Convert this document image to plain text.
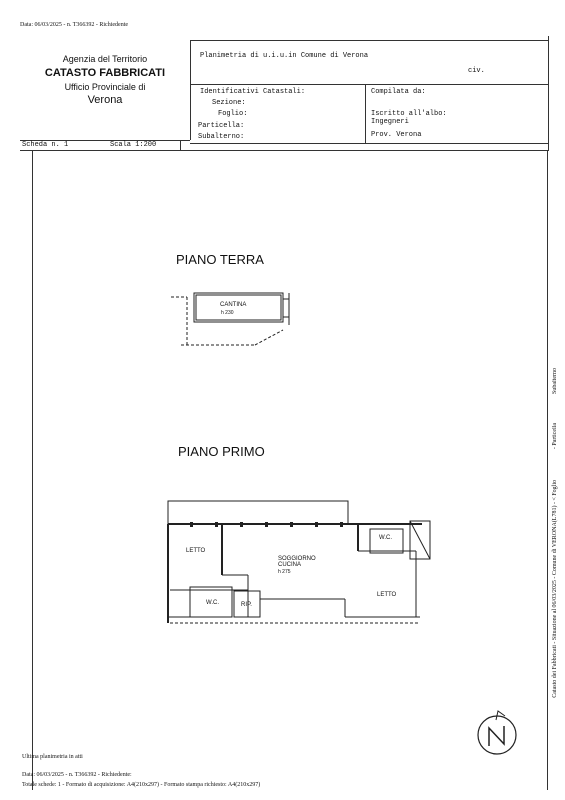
Data: 06/03/2025 - n. T366392 - Richiedente
Agenzia del Territorio
CATASTO FABBRICATI
Ufficio Provinciale di
Verona
Planimetria di u.i.u.in Comune di Verona
civ.
Identificativi Catastali:
Sezione:
Foglio:
Particella:
Subalterno:
Compilata da:
Iscritto all'albo:
Ingegneri
Prov. Verona
Scheda n. 1	Scala 1:200
PIANO TERRA
CANTINA
h 230
PIANO PRIMO
LETTO
SOGGIORNO
CUCINA
h 275
W.C.
LETTO
W.C.	RIP.	Catasto dei Fabbricati - Situazione al 06/03/2025 - Comune di VERONA(L781) - < Foglio
- Particella
Subalterno
Ultima planimetria in atti
Data: 06/03/2025 - n. T366392 - Richiedente:
Totale schede: 1 - Formato di acquisizione: A4(210x297) - Formato stampa richiesto: A4(210x297)
